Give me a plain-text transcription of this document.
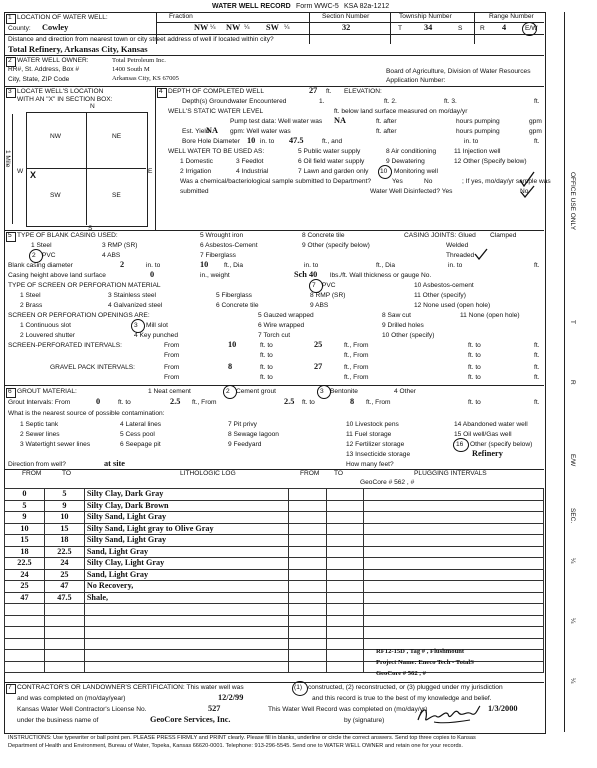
WATER WELL RECORD Form WWC-5 KSA 82a-1212
1 LOCATION OF WATER WELL:	Fraction	Section Number	Township Number	Range Number
County: Cowley	NW ¼ NW ¼ SW ¼	32	T	34	S	R 4	E/W
Distance and direction from nearest town or city street address of well if located within city?
Total Refinery, Arkansas City, Kansas
2 WATER WELL OWNER:	Total Petroleum Inc.
RR#, St. Address, Box #	1400 South M
City, State, ZIP Code	Arkansas City, KS 67005
Board of Agriculture, Division of Water Resources
Application Number:
3 LOCATE WELL'S LOCATION
WITH AN "X" IN SECTION BOX:
N
NW	NE
SW	SE
W	E
S
X
1 Mile
4 DEPTH OF COMPLETED WELL	27 ft. ELEVATION:
Depth(s) Groundwater Encountered	1.	ft. 2.	ft. 3.	ft.
WELL'S STATIC WATER LEVEL	ft. below land surface measured on mo/day/yr
Pump test data: Well water was NA	ft. after	hours pumping	gpm
Est. Yield
NA gpm: Well water was	ft. after	hours pumping	gpm
Bore Hole Diameter 10 in. to 47.5	ft., and	in. to	ft.
WELL WATER TO BE USED AS:	5 Public water supply	8 Air conditioning	11 Injection well
1 Domestic	3 Feedlot	6 Oil field water supply	9 Dewatering	12 Other (Specify below)
2 Irrigation	4 Industrial	7 Lawn and garden only 10 Monitoring well
Was a chemical/bacteriological sample submitted to Department?	Yes	No	; If yes, mo/day/yr sample was
submitted	Water Well Disinfected? Yes	No
5 TYPE OF BLANK CASING USED:	5 Wrought iron	8 Concrete tile	CASING JOINTS: Glued Clamped
1 Steel	3 RMP (SR)	6 Asbestos-Cement	9 Other (specify below)	Welded
2 PVC	4 ABS	7 Fiberglass	Threaded
Blank casing diameter	2	in. to	10 ft., Dia	in. to	ft., Dia	in. to	ft.
Casing height above land surface	0	in., weight	Sch 40 lbs./ft. Wall thickness or gauge No.
TYPE OF SCREEN OR PERFORATION MATERIAL	7 PVC	10 Asbestos-cement
1 Steel	3 Stainless steel	5 Fiberglass	8 RMP (SR)	11 Other (specify)
2 Brass	4 Galvanized steel	6 Concrete tile	9 ABS	12 None used (open hole)
SCREEN OR PERFORATION OPENINGS ARE:	5 Gauzed wrapped	8 Saw cut	11 None (open hole)
1 Continuous slot	3 Mill slot	6 Wire wrapped	9 Drilled holes
2 Louvered shutter	4 Key punched	7 Torch cut	10 Other (specify)
SCREEN-PERFORATED INTERVALS:	From	10	ft. to	25	ft., From	ft. to	ft.
From	ft. to	ft., From	ft. to	ft.
GRAVEL PACK INTERVALS:	From	8	ft. to	27	ft., From	ft. to	ft.
From	ft. to	ft., From	ft. to	ft.
6 GROUT MATERIAL:	1 Neat cement	2 Cement grout	3 Bentonite	4 Other
Grout Intervals: From	0	ft. to	2.5 ft., From	2.5 ft. to	8 ft., From	ft. to	ft.
What is the nearest source of possible contamination:
1 Septic tank	4 Lateral lines	7 Pit privy	10 Livestock pens	14 Abandoned water well
2 Sewer lines	5 Cess pool	8 Sewage lagoon	11 Fuel storage	15 Oil well/Gas well
3 Watertight sewer lines	6 Seepage pit	9 Feedyard	12 Fertilizer storage	16 Other (specify below)
13 Insecticide storage	Refinery
Direction from well?	at site	How many feet?
FROM	TO	LITHOLOGIC LOG	FROM TO	PLUGGING INTERVALS
GeoCore # 562 , #
0	5	Silty Clay, Dark Gray			
5	9	Silty Clay, Dark Brown			
9	10	Silty Sand, Light Gray			
10	15	Silty Sand, Light gray to Olive Gray			
15	18	Silty Sand, Light Gray			
18	22.5	Sand, Light Gray			
22.5	24	Silty Clay, Light Gray			
24	25	Sand, Light Gray			
25	47	No Recovery,			
47	47.5	Shale,			

RF12-15D , Tag # , Flushmount
Project Name: Eneco Tech - TotalS
GeoCore # 562 , #
7 CONTRACTOR'S OR LANDOWNER'S CERTIFICATION: This water well was	(1) constructed, (2) reconstructed, or (3) plugged under my jurisdiction
and was completed on (mo/day/year)	12/2/99	and this record is true to the best of my knowledge and belief.
Kansas Water Well Contractor's License No.	527	This Water Well Record was completed on (mo/day/yr)	1/3/2000
under the business name of	GeoCore Services, Inc.	by (signature)
INSTRUCTIONS: Use typewriter or ball point pen. PLEASE PRESS FIRMLY and PRINT clearly. Please fill in blanks, underline or circle the correct answers. Send top three copies to Kansas
Department of Health and Environment, Bureau of Water, Topeka, Kansas 66620-0001. Telephone: 913-296-5545. Send one to WATER WELL OWNER and retain one for your records.
OFFICE USE ONLY
T
R
E/W
SEC.
¼
¼
¼
